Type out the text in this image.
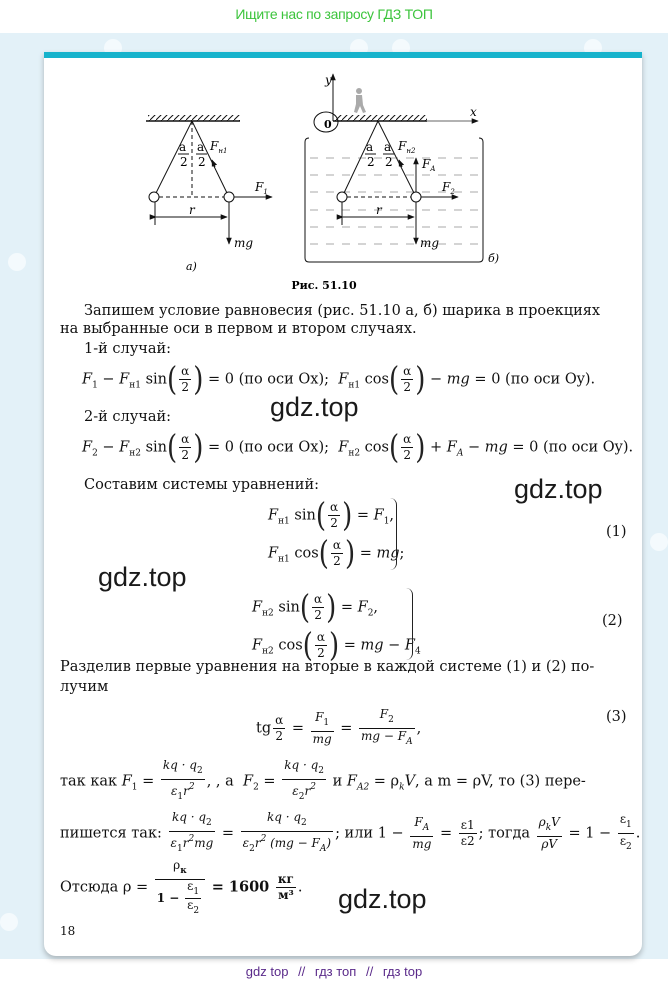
Ищите нас по запросу ГДЗ ТОП
a
2
a
2
$F_{н1}$
$F_1$
r
mg
а)
x
y
0
a
2
a
2
$F_{н2}$
$F_A$
$F_2$
r
mg
б)
Рис. 51.10
Запишем условие равновесия (рис. 51.10 а, б) шарика в проекциях
на выбранные оси в первом и втором случаях.
1-й случай:
$F_1 - F_{н1}$ $\sin( \frac{\alpha}{2}$ ) = 0 (по оси Ox); $F_{н1}$ $\cos( \frac{\alpha}{2}$ ) − mg = 0 (по оси Oy).
gdz.top
2-й случай:
$F_2 - F_{н2}$ $\sin( \frac{\alpha}{2}$ ) = 0 (по оси Ox); $F_{н2}$ $\cos( \frac{\alpha}{2}$ ) + $F_A$ − mg = 0 (по оси Oy).
Составим системы уравнений:	gdz.top
$F_{н1}$ $\sin( \frac{\alpha}{2}$ ) = $F_1$,
$F_{н1}$ $\cos( \frac{\alpha}{2}$ ) = mg;
(1)
gdz.top
$F_{н2}$ $\sin( \frac{\alpha}{2}$ ) = $F_2$,
$F_{н2}$ $\cos( \frac{\alpha}{2}$ ) = mg − $F_4$
(2)
Разделив первые уравнения на вторые в каждой системе (1) и (2) по-
лучим
tg $\frac{\alpha}{2} = \frac{F_1}{mg} = \frac{F_2}{mg - F_A}$ ,
(3)
так как $F_1 = \frac{kq \cdot q_2}{\varepsilon_1r^2}$ , , а $F_2 = \frac{kq \cdot q_2}{\varepsilon_2r^2}$ и $F_{A2} = \rho_kV$, а m = ρV, то (3) пере-
пишется так: $\frac{kq \cdot q_2}{\varepsilon_1r^2mg} = \frac{kq \cdot q_2}{\varepsilon_2r^2 (mg - F_A)}$ ; или $1 - \frac{F_A}{mg} = \frac{\varepsilon 1}{\varepsilon 2}$ ; тогда
$\rho_kV$
ρV
= $1 - \frac{\varepsilon_1}{\varepsilon_2}$ .
Отсюда ρ =
$\rho_к$
$1 - \frac{\varepsilon_1}{\varepsilon_2} = 1600$ кг
м³ . gdz.top
18
gdz top // гдз топ // гдз top
